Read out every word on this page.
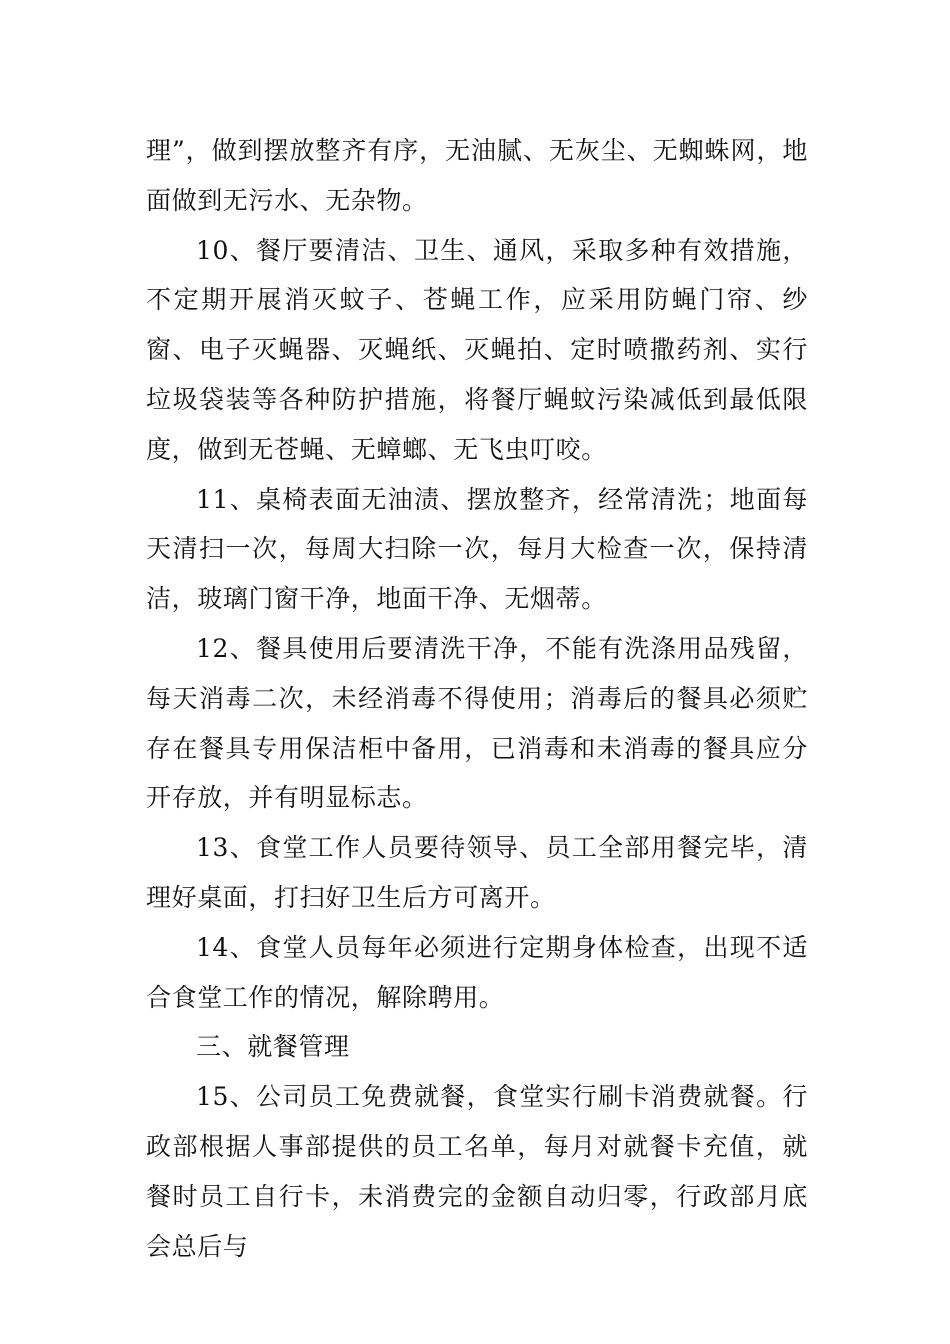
理”，做到摆放整齐有序，无油腻、无灰尘、无蜘蛛网，地面做到无污水、无杂物。

10、餐厅要清洁、卫生、通风，采取多种有效措施，不定期开展消灭蚊子、苍蝇工作，应采用防蝇门帘、纱窗、电子灭蝇器、灭蝇纸、灭蝇拍、定时喷撒药剂、实行垃圾袋装等各种防护措施，将餐厅蝇蚊污染减低到最低限度，做到无苍蝇、无蟑螂、无飞虫叮咬。

11、桌椅表面无油渍、摆放整齐，经常清洗；地面每天清扫一次，每周大扫除一次，每月大检查一次，保持清洁，玻璃门窗干净，地面干净、无烟蒂。

12、餐具使用后要清洗干净，不能有洗涤用品残留，每天消毒二次，未经消毒不得使用；消毒后的餐具必须贮存在餐具专用保洁柜中备用，已消毒和未消毒的餐具应分开存放，并有明显标志。

13、食堂工作人员要待领导、员工全部用餐完毕，清理好桌面，打扫好卫生后方可离开。

14、食堂人员每年必须进行定期身体检查，出现不适合食堂工作的情况，解除聘用。

三、就餐管理

15、公司员工免费就餐，食堂实行刷卡消费就餐。行政部根据人事部提供的员工名单，每月对就餐卡充值，就餐时员工自行卡，未消费完的金额自动归零，行政部月底会总后与
